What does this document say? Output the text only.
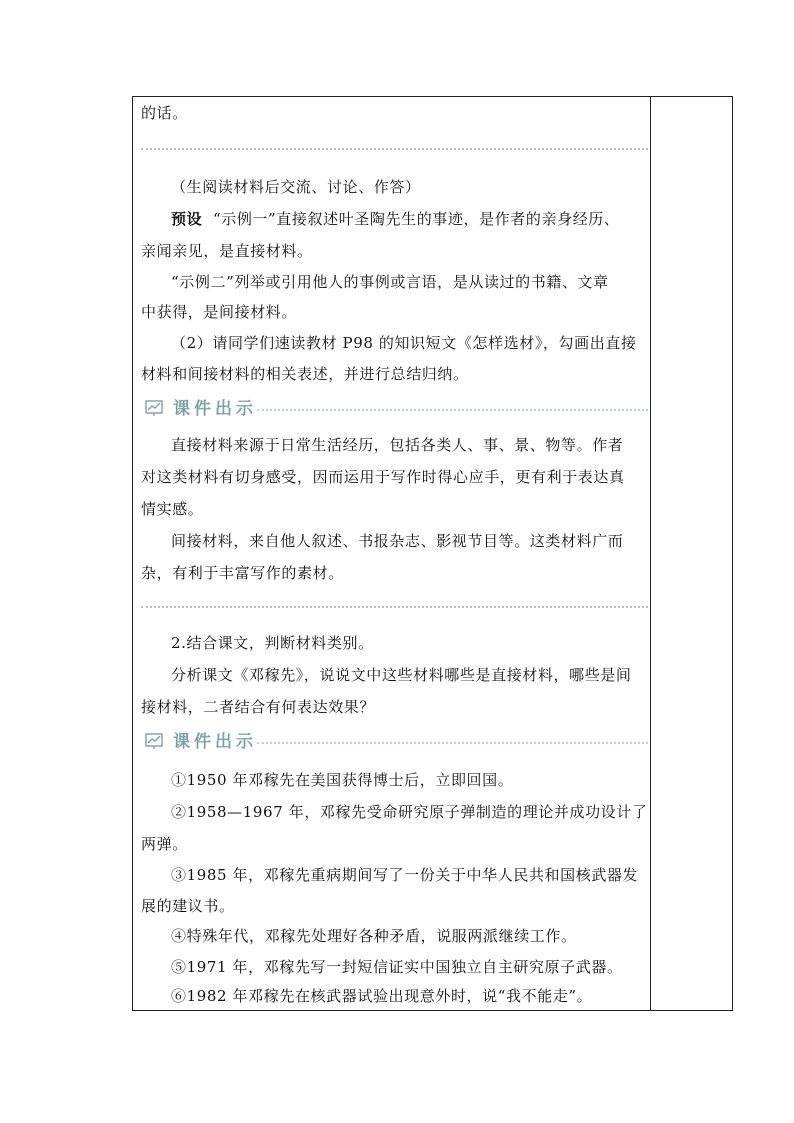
的话。
（生阅读材料后交流、讨论、作答）
预设 “示例一”直接叙述叶圣陶先生的事迹，是作者的亲身经历、
亲闻亲见，是直接材料。
“示例二”列举或引用他人的事例或言语，是从读过的书籍、文章
中获得，是间接材料。
（2）请同学们速读教材 P98 的知识短文《怎样选材》，勾画出直接
材料和间接材料的相关表述，并进行总结归纳。
课件出示
直接材料来源于日常生活经历，包括各类人、事、景、物等。作者
对这类材料有切身感受，因而运用于写作时得心应手，更有利于表达真
情实感。
间接材料，来自他人叙述、书报杂志、影视节目等。这类材料广而
杂，有利于丰富写作的素材。
2.结合课文，判断材料类别。
分析课文《邓稼先》，说说文中这些材料哪些是直接材料，哪些是间
接材料，二者结合有何表达效果？
课件出示
①1950 年邓稼先在美国获得博士后，立即回国。
②1958—1967 年，邓稼先受命研究原子弹制造的理论并成功设计了
两弹。
③1985 年，邓稼先重病期间写了一份关于中华人民共和国核武器发
展的建议书。
④特殊年代，邓稼先处理好各种矛盾，说服两派继续工作。
⑤1971 年，邓稼先写一封短信证实中国独立自主研究原子武器。
⑥1982 年邓稼先在核武器试验出现意外时，说“我不能走”。
